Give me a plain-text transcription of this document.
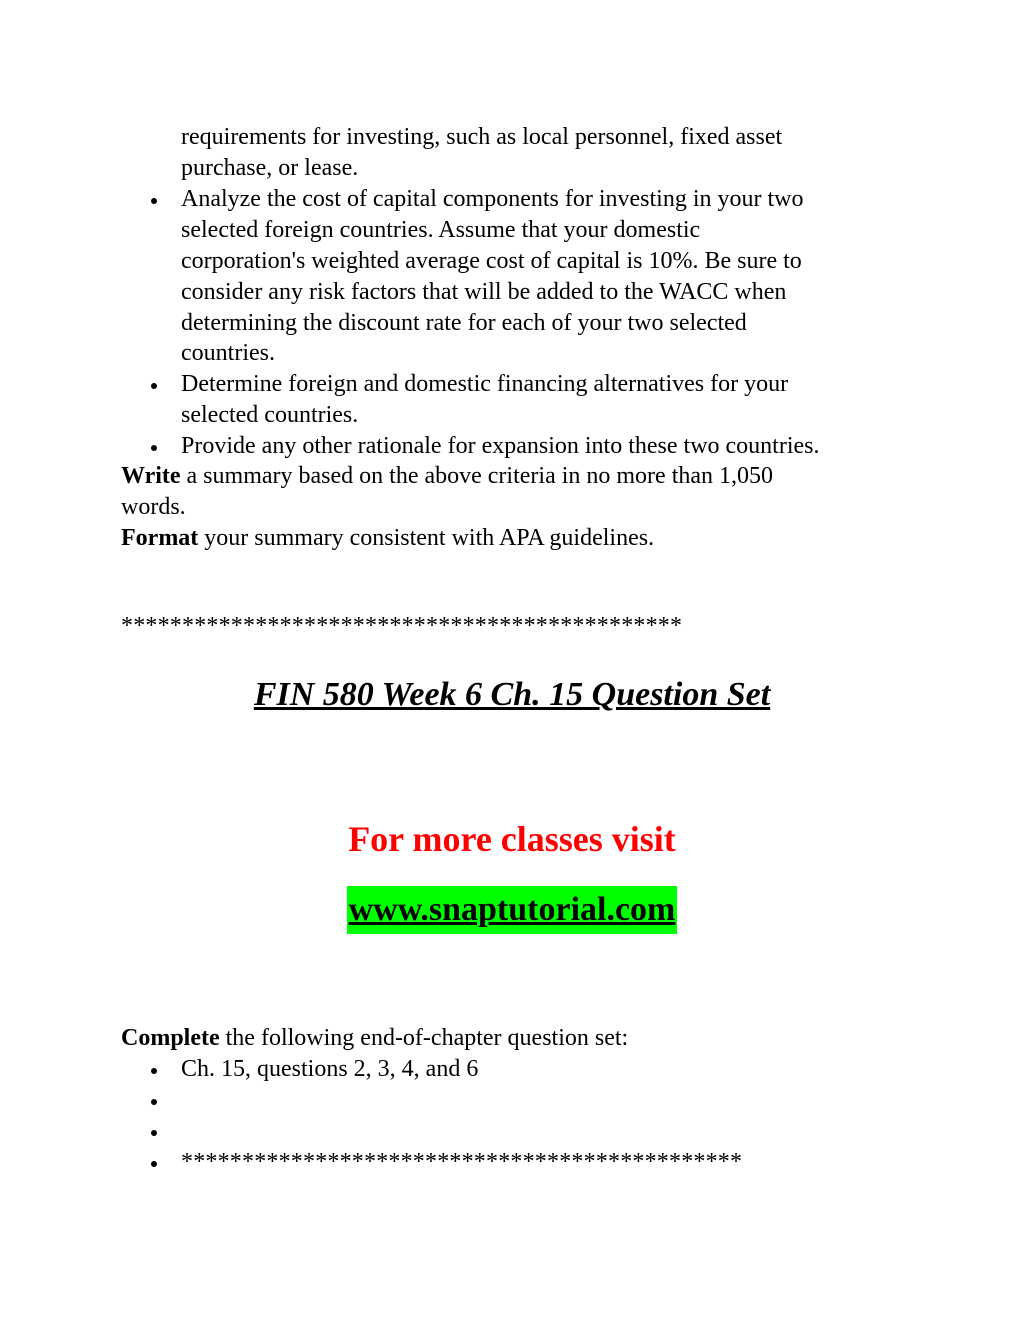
requirements for investing, such as local personnel, fixed asset
purchase, or lease.
Analyze the cost of capital components for investing in your two
selected foreign countries. Assume that your domestic
corporation's weighted average cost of capital is 10%. Be sure to
consider any risk factors that will be added to the WACC when
determining the discount rate for each of your two selected
countries.
Determine foreign and domestic financing alternatives for your
selected countries.
Provide any other rationale for expansion into these two countries.
Write a summary based on the above criteria in no more than 1,050
words.
Format your summary consistent with APA guidelines.
**********************************************
FIN 580 Week 6 Ch. 15 Question Set
For more classes visit
www.snaptutorial.com
Complete the following end-of-chapter question set:
Ch. 15, questions 2, 3, 4, and 6
**********************************************
